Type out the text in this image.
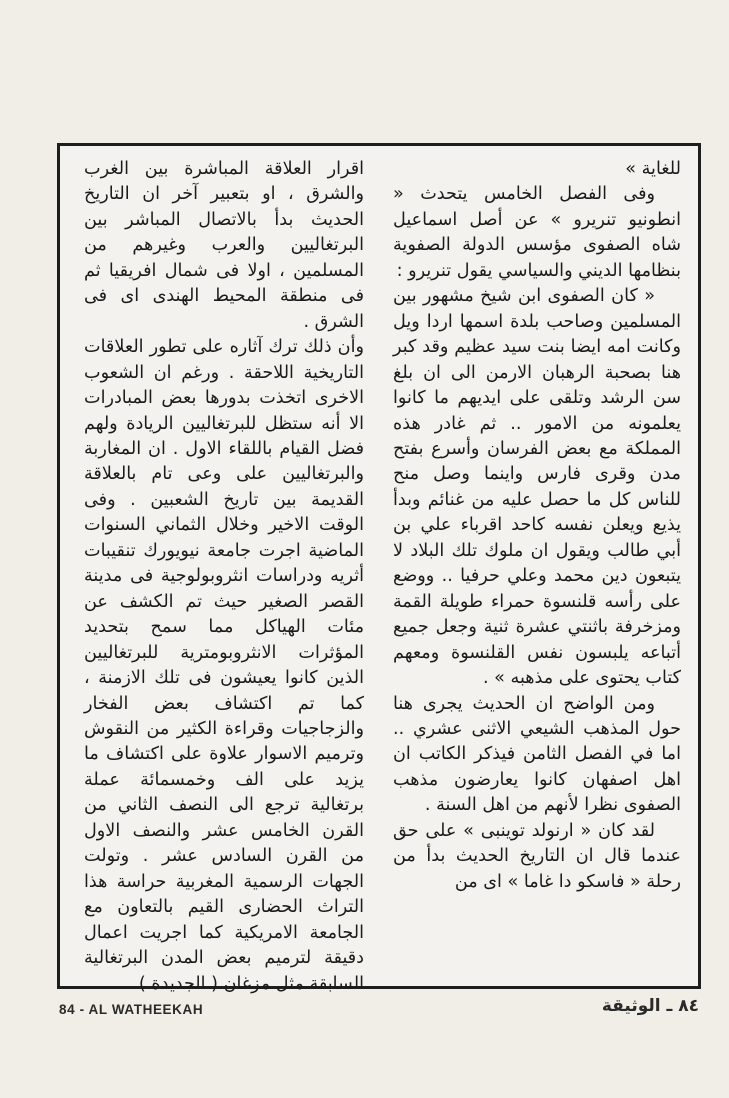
للغاية »

وفى الفصل الخامس يتحدث « انطونيو تنريرو » عن أصل اسماعيل شاه الصفوى مؤسس الدولة الصفوية بنظامها الديني والسياسي يقول تنريرو :

« كان الصفوى ابن شيخ مشهور بين المسلمين وصاحب بلدة اسمها اردا ويل وكانت امه ايضا بنت سيد عظيم وقد كبر هنا بصحبة الرهبان الارمن الى ان بلغ سن الرشد وتلقى على ايديهم ما كانوا يعلمونه من الامور .. ثم غادر هذه المملكة مع بعض الفرسان وأسرع بفتح مدن وقرى فارس واينما وصل منح للناس كل ما حصل عليه من غنائم وبدأ يذيع ويعلن نفسه كاحد اقرباء علي بن أبي طالب ويقول ان ملوك تلك البلاد لا يتبعون دين محمد وعلي حرفيا .. ووضع على رأسه قلنسوة حمراء طويلة القمة ومزخرفة باثنتي عشرة ثنية وجعل جميع أتباعه يلبسون نفس القلنسوة ومعهم كتاب يحتوى على مذهبه » .

ومن الواضح ان الحديث يجرى هنا حول المذهب الشيعي الاثنى عشري .. اما في الفصل الثامن فيذكر الكاتب ان اهل اصفهان كانوا يعارضون مذهب الصفوى نظرا لأنهم من اهل السنة .

لقد كان « ارنولد توينبى » على حق عندما قال ان التاريخ الحديث بدأ من رحلة « فاسكو دا غاما » اى من

اقرار العلاقة المباشرة بين الغرب والشرق ، او بتعبير آخر ان التاريخ الحديث بدأ بالاتصال المباشر بين البرتغاليين والعرب وغيرهم من المسلمين ، اولا فى شمال افريقيا ثم فى منطقة المحيط الهندى اى فى الشرق .

وأن ذلك ترك آثاره على تطور العلاقات التاريخية اللاحقة . ورغم ان الشعوب الاخرى اتخذت بدورها بعض المبادرات الا أنه ستظل للبرتغاليين الريادة ولهم فضل القيام باللقاء الاول . ان المغاربة والبرتغاليين على وعى تام بالعلاقة القديمة بين تاريخ الشعبين . وفى الوقت الاخير وخلال الثماني السنوات الماضية اجرت جامعة نيويورك تنقيبات أثريه ودراسات انثروبولوجية فى مدينة القصر الصغير حيث تم الكشف عن مئات الهياكل مما سمح بتحديد المؤثرات الانثروبومترية للبرتغاليين الذين كانوا يعيشون فى تلك الازمنة ، كما تم اكتشاف بعض الفخار والزجاجيات وقراءة الكثير من النقوش وترميم الاسوار علاوة على اكتشاف ما يزيد على الف وخمسمائة عملة برتغالية ترجع الى النصف الثاني من القرن الخامس عشر والنصف الاول من القرن السادس عشر . وتولت الجهات الرسمية المغربية حراسة هذا التراث الحضارى القيم بالتعاون مع الجامعة الامريكية كما اجريت اعمال دقيقة لترميم بعض المدن البرتغالية السابقة مثل مزغان ( الجديدة )

84 - AL WATHEEKAH	٨٤ ـ الوثيقة
